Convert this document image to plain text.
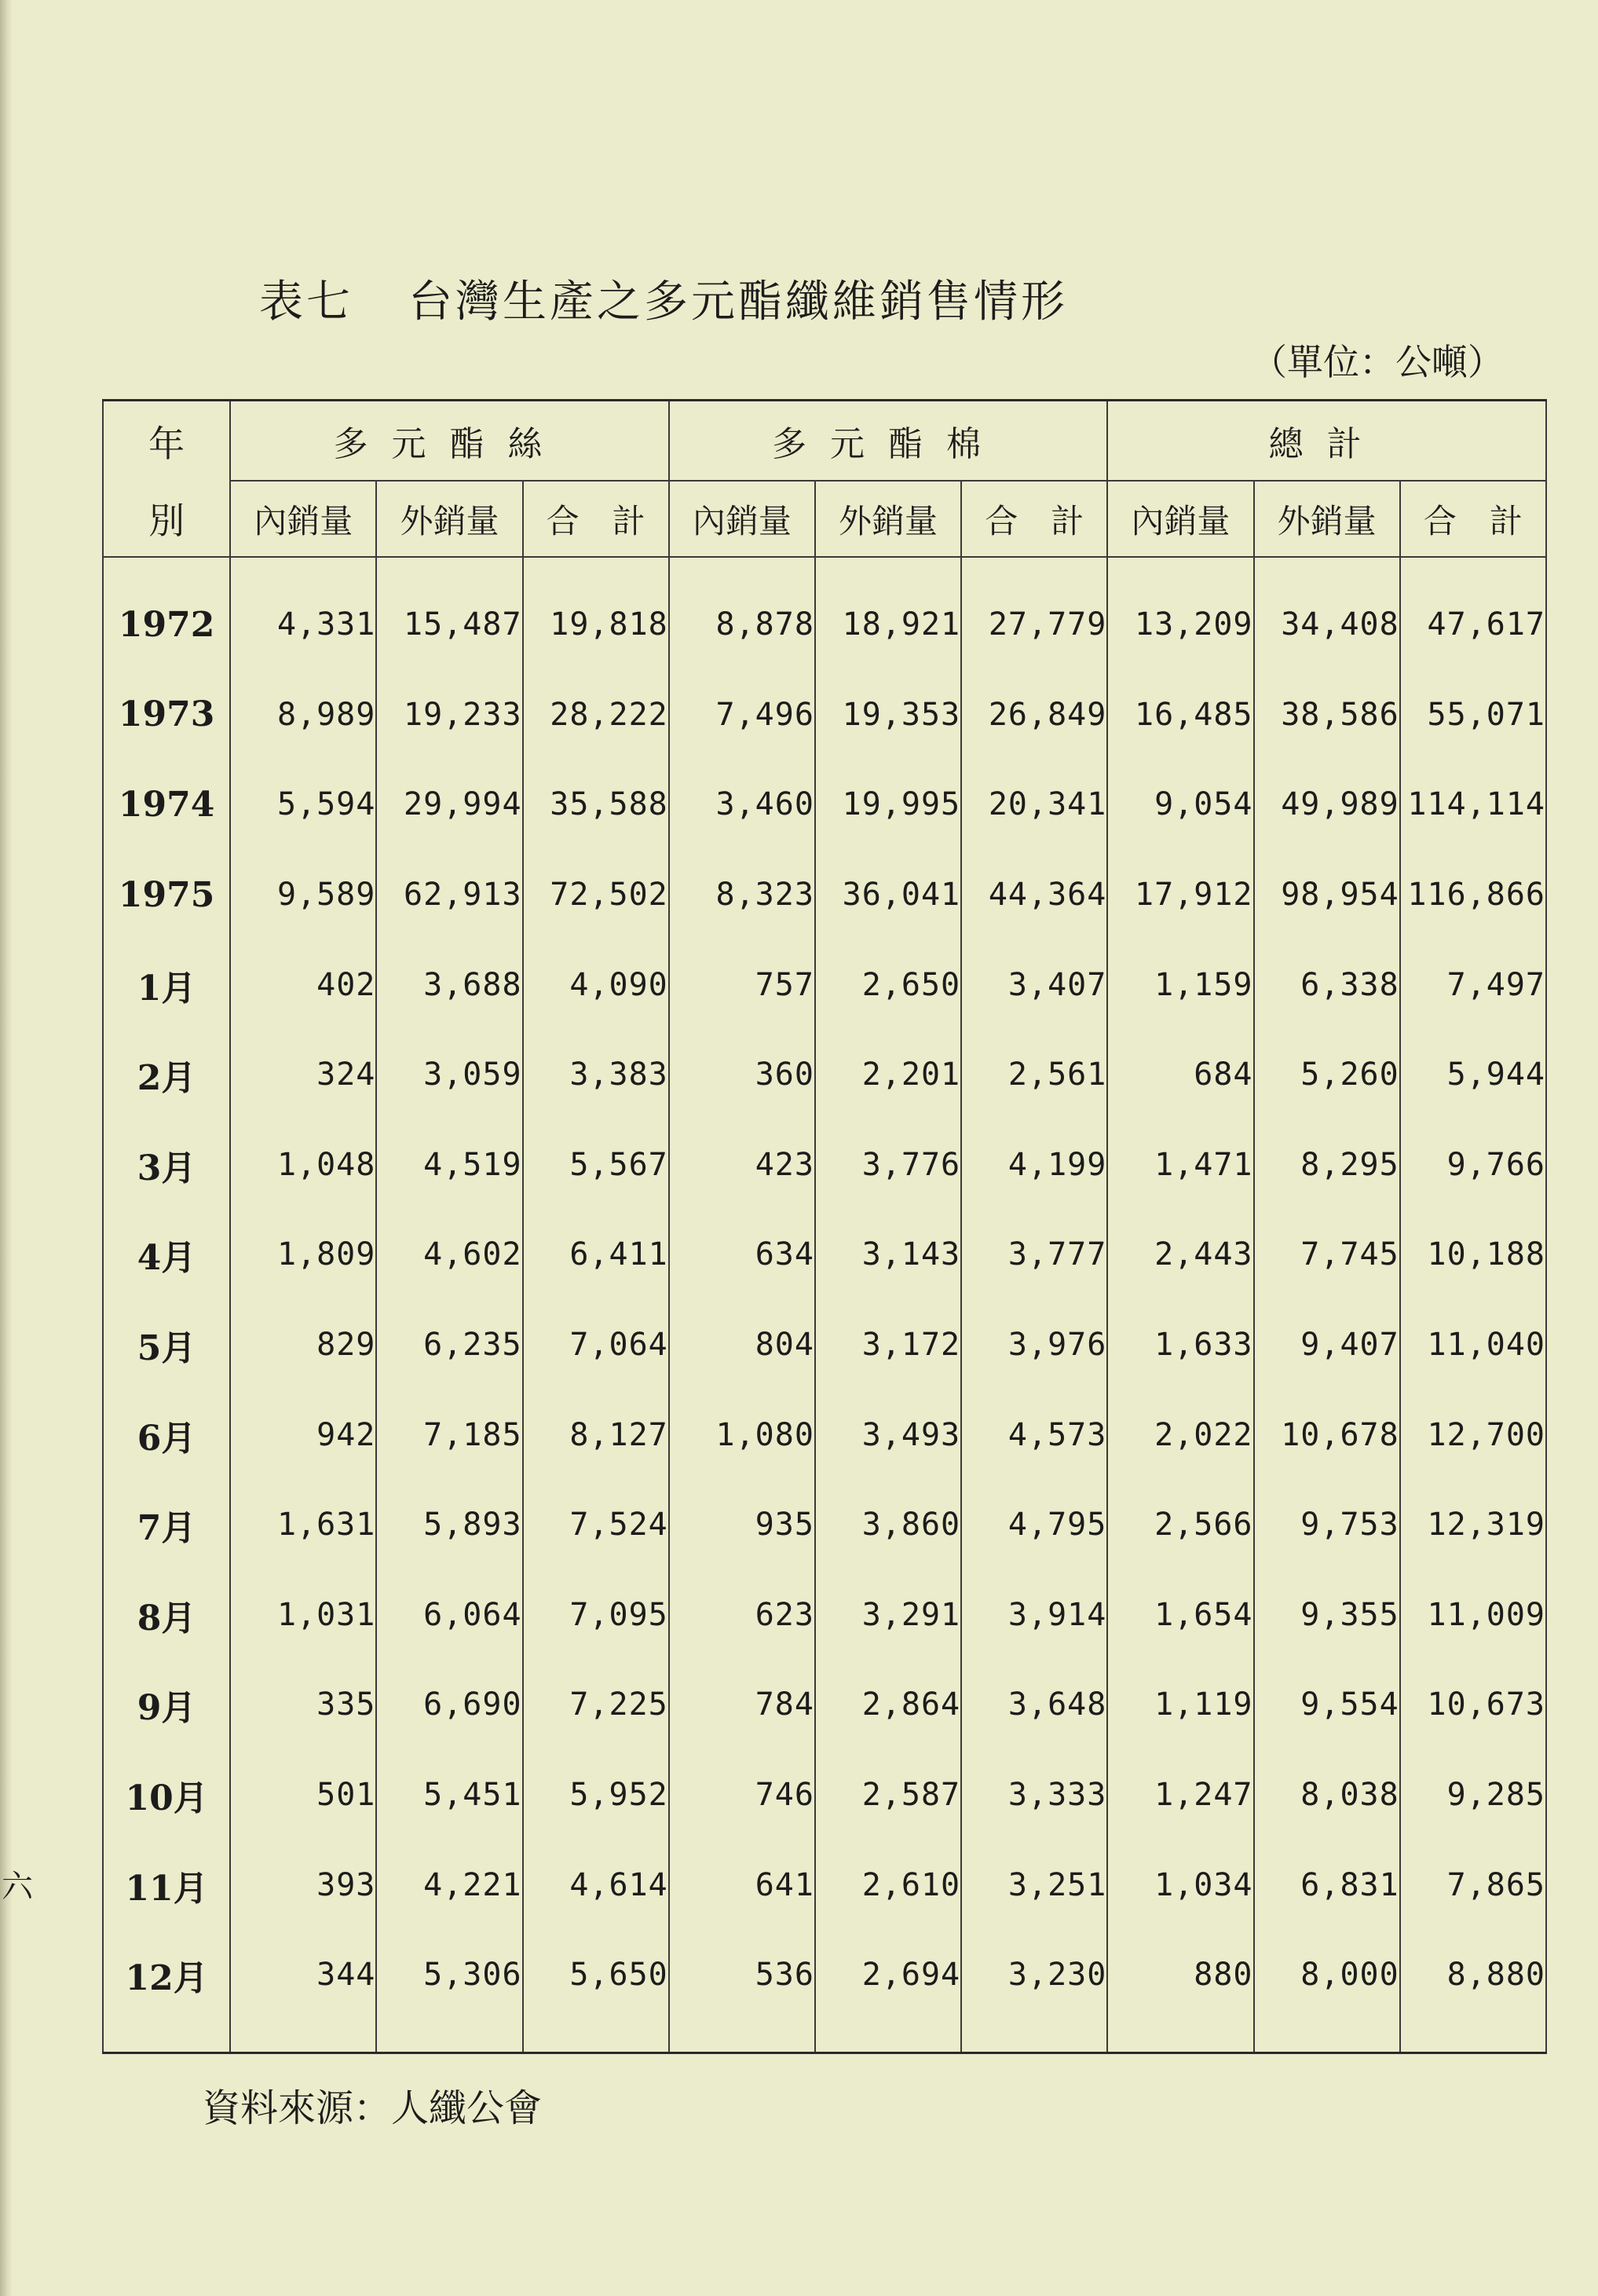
表七 台灣生產之多元酯纖維銷售情形
（單位：公噸）
六
年	多元酯絲			多元酯棉			總計		
別	內銷量	外銷量	合　計	內銷量	外銷量	合　計	內銷量	外銷量	合　計
1972	4,331	15,487	19,818	8,878	18,921	27,779	13,209	34,408	47,617
1973	8,989	19,233	28,222	7,496	19,353	26,849	16,485	38,586	55,071
1974	5,594	29,994	35,588	3,460	19,995	20,341	9,054	49,989	114,114
1975	9,589	62,913	72,502	8,323	36,041	44,364	17,912	98,954	116,866
1月	402	3,688	4,090	757	2,650	3,407	1,159	6,338	7,497
2月	324	3,059	3,383	360	2,201	2,561	684	5,260	5,944
3月	1,048	4,519	5,567	423	3,776	4,199	1,471	8,295	9,766
4月	1,809	4,602	6,411	634	3,143	3,777	2,443	7,745	10,188
5月	829	6,235	7,064	804	3,172	3,976	1,633	9,407	11,040
6月	942	7,185	8,127	1,080	3,493	4,573	2,022	10,678	12,700
7月	1,631	5,893	7,524	935	3,860	4,795	2,566	9,753	12,319
8月	1,031	6,064	7,095	623	3,291	3,914	1,654	9,355	11,009
9月	335	6,690	7,225	784	2,864	3,648	1,119	9,554	10,673
10月	501	5,451	5,952	746	2,587	3,333	1,247	8,038	9,285
11月	393	4,221	4,614	641	2,610	3,251	1,034	6,831	7,865
12月	344	5,306	5,650	536	2,694	3,230	880	8,000	8,880

資料來源：人纖公會
